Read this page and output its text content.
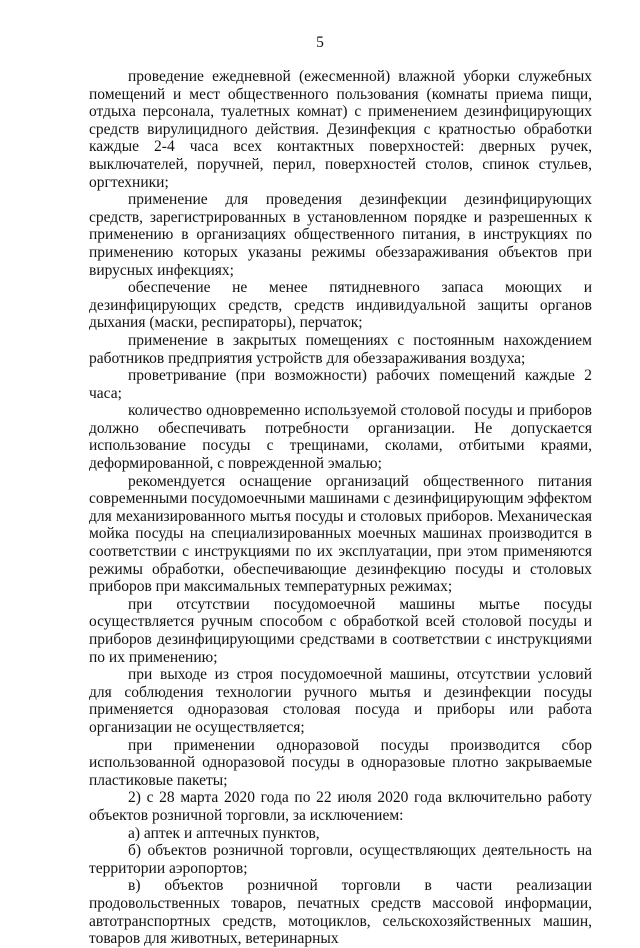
5

проведение ежедневной (ежесменной) влажной уборки служебных помещений и мест общественного пользования (комнаты приема пищи, отдыха персонала, туалетных комнат) с применением дезинфицирующих средств вирулицидного действия. Дезинфекция с кратностью обработки каждые 2-4 часа всех контактных поверхностей: дверных ручек, выключателей, поручней, перил, поверхностей столов, спинок стульев, оргтехники;

применение для проведения дезинфекции дезинфицирующих средств, зарегистрированных в установленном порядке и разрешенных к применению в организациях общественного питания, в инструкциях по применению которых указаны режимы обеззараживания объектов при вирусных инфекциях;

обеспечение не менее пятидневного запаса моющих и дезинфицирующих средств, средств индивидуальной защиты органов дыхания (маски, респираторы), перчаток;

применение в закрытых помещениях с постоянным нахождением работников предприятия устройств для обеззараживания воздуха;

проветривание (при возможности) рабочих помещений каждые 2 часа;

количество одновременно используемой столовой посуды и приборов должно обеспечивать потребности организации. Не допускается использование посуды с трещинами, сколами, отбитыми краями, деформированной, с поврежденной эмалью;

рекомендуется оснащение организаций общественного питания современными посудомоечными машинами с дезинфицирующим эффектом для механизированного мытья посуды и столовых приборов. Механическая мойка посуды на специализированных моечных машинах производится в соответствии с инструкциями по их эксплуатации, при этом применяются режимы обработки, обеспечивающие дезинфекцию посуды и столовых приборов при максимальных температурных режимах;

при отсутствии посудомоечной машины мытье посуды осуществляется ручным способом с обработкой всей столовой посуды и приборов дезинфицирующими средствами в соответствии с инструкциями по их применению;

при выходе из строя посудомоечной машины, отсутствии условий для соблюдения технологии ручного мытья и дезинфекции посуды применяется одноразовая столовая посуда и приборы или работа организации не осуществляется;

при применении одноразовой посуды производится сбор использованной одноразовой посуды в одноразовые плотно закрываемые пластиковые пакеты;

2) с 28 марта 2020 года по 22 июля 2020 года включительно работу объектов розничной торговли, за исключением:

а) аптек и аптечных пунктов,

б) объектов розничной торговли, осуществляющих деятельность на территории аэропортов;

в) объектов розничной торговли в части реализации продовольственных товаров, печатных средств массовой информации, автотранспортных средств, мотоциклов, сельскохозяйственных машин, товаров для животных, ветеринарных
